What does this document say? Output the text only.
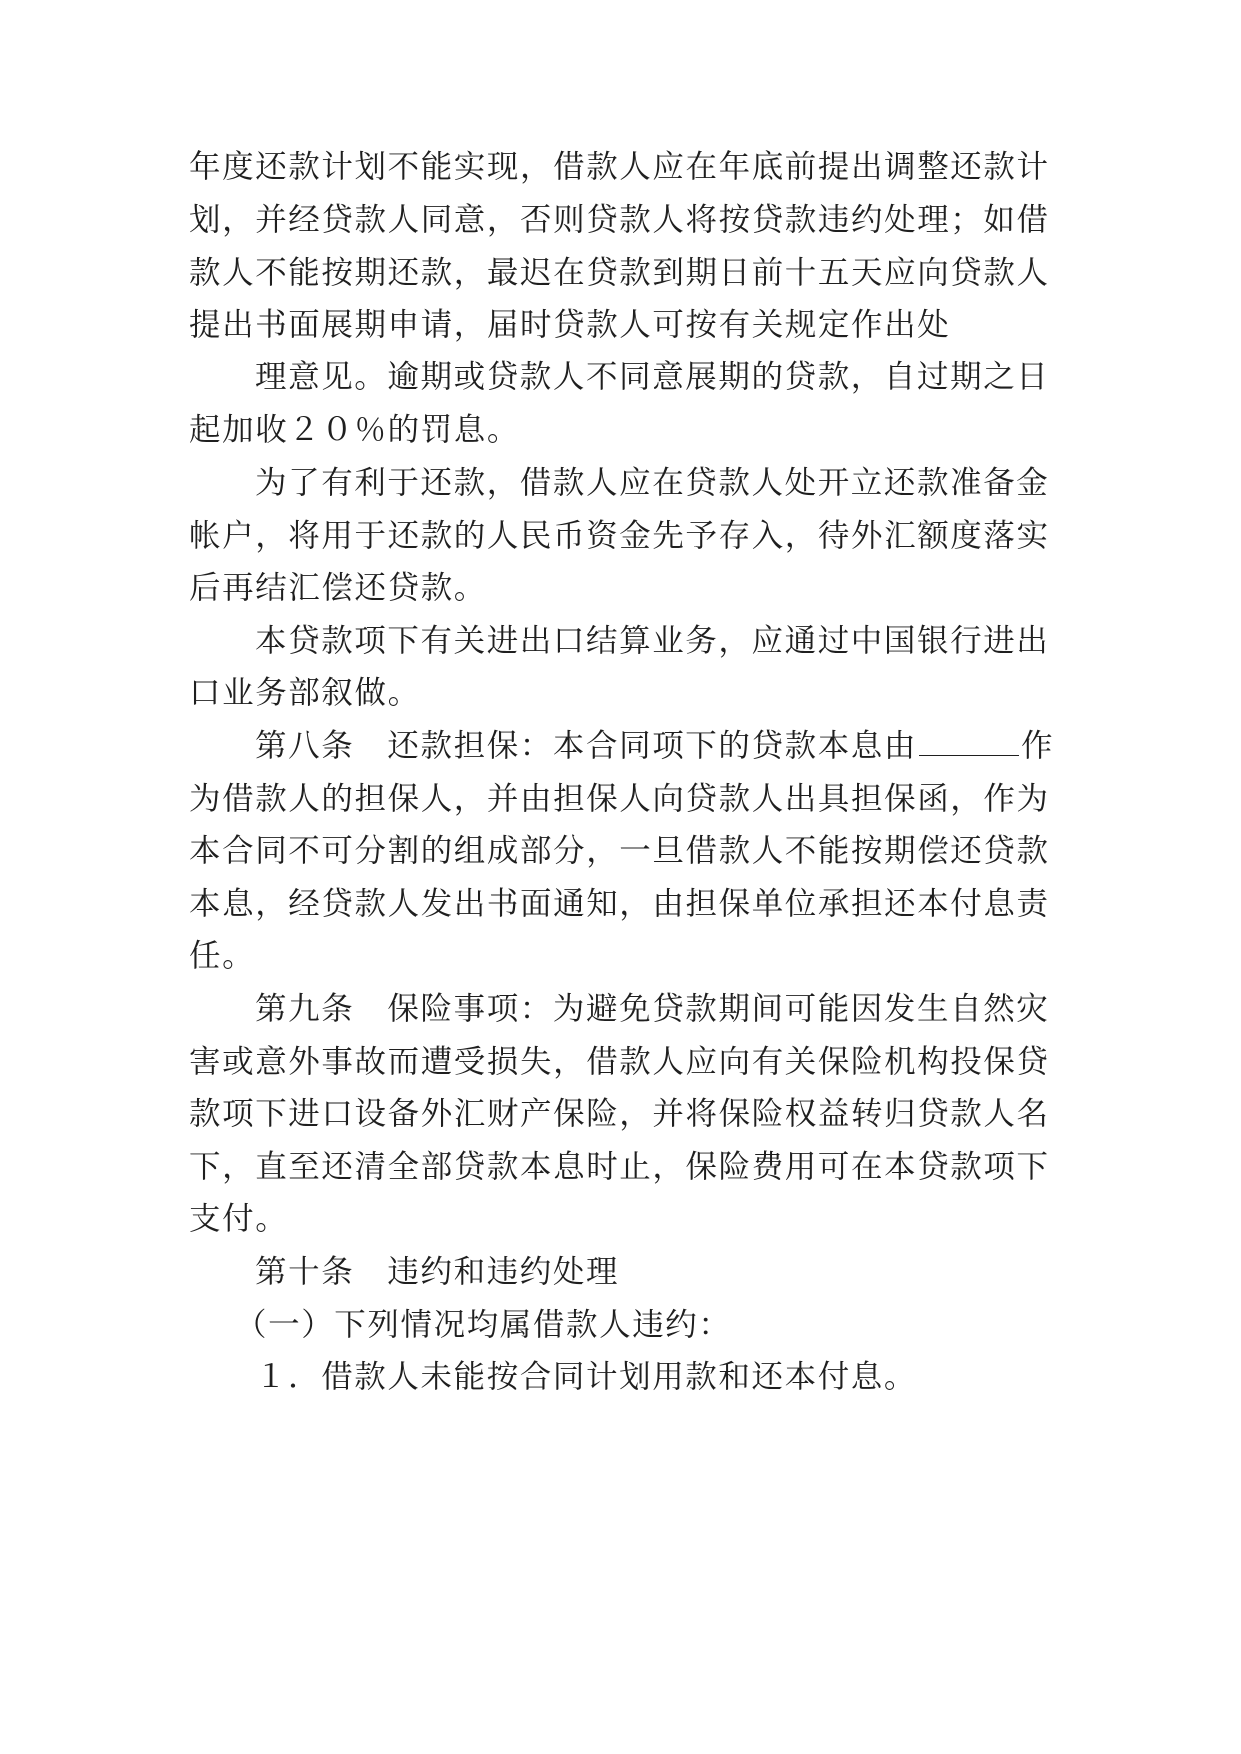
年度还款计划不能实现，借款人应在年底前提出调整还款计
划，并经贷款人同意，否则贷款人将按贷款违约处理；如借
款人不能按期还款，最迟在贷款到期日前十五天应向贷款人
提出书面展期申请，届时贷款人可按有关规定作出处
理意见。逾期或贷款人不同意展期的贷款，自过期之日
起加收２０％的罚息。
为了有利于还款，借款人应在贷款人处开立还款准备金
帐户，将用于还款的人民币资金先予存入，待外汇额度落实
后再结汇偿还贷款。
本贷款项下有关进出口结算业务，应通过中国银行进出
口业务部叙做。
第八条　还款担保：本合同项下的贷款本息由	作
为借款人的担保人，并由担保人向贷款人出具担保函，作为
本合同不可分割的组成部分，一旦借款人不能按期偿还贷款
本息，经贷款人发出书面通知，由担保单位承担还本付息责
任。
第九条　保险事项：为避免贷款期间可能因发生自然灾
害或意外事故而遭受损失，借款人应向有关保险机构投保贷
款项下进口设备外汇财产保险，并将保险权益转归贷款人名
下，直至还清全部贷款本息时止，保险费用可在本贷款项下
支付。
第十条　违约和违约处理
（一）下列情况均属借款人违约：
１．借款人未能按合同计划用款和还本付息。
